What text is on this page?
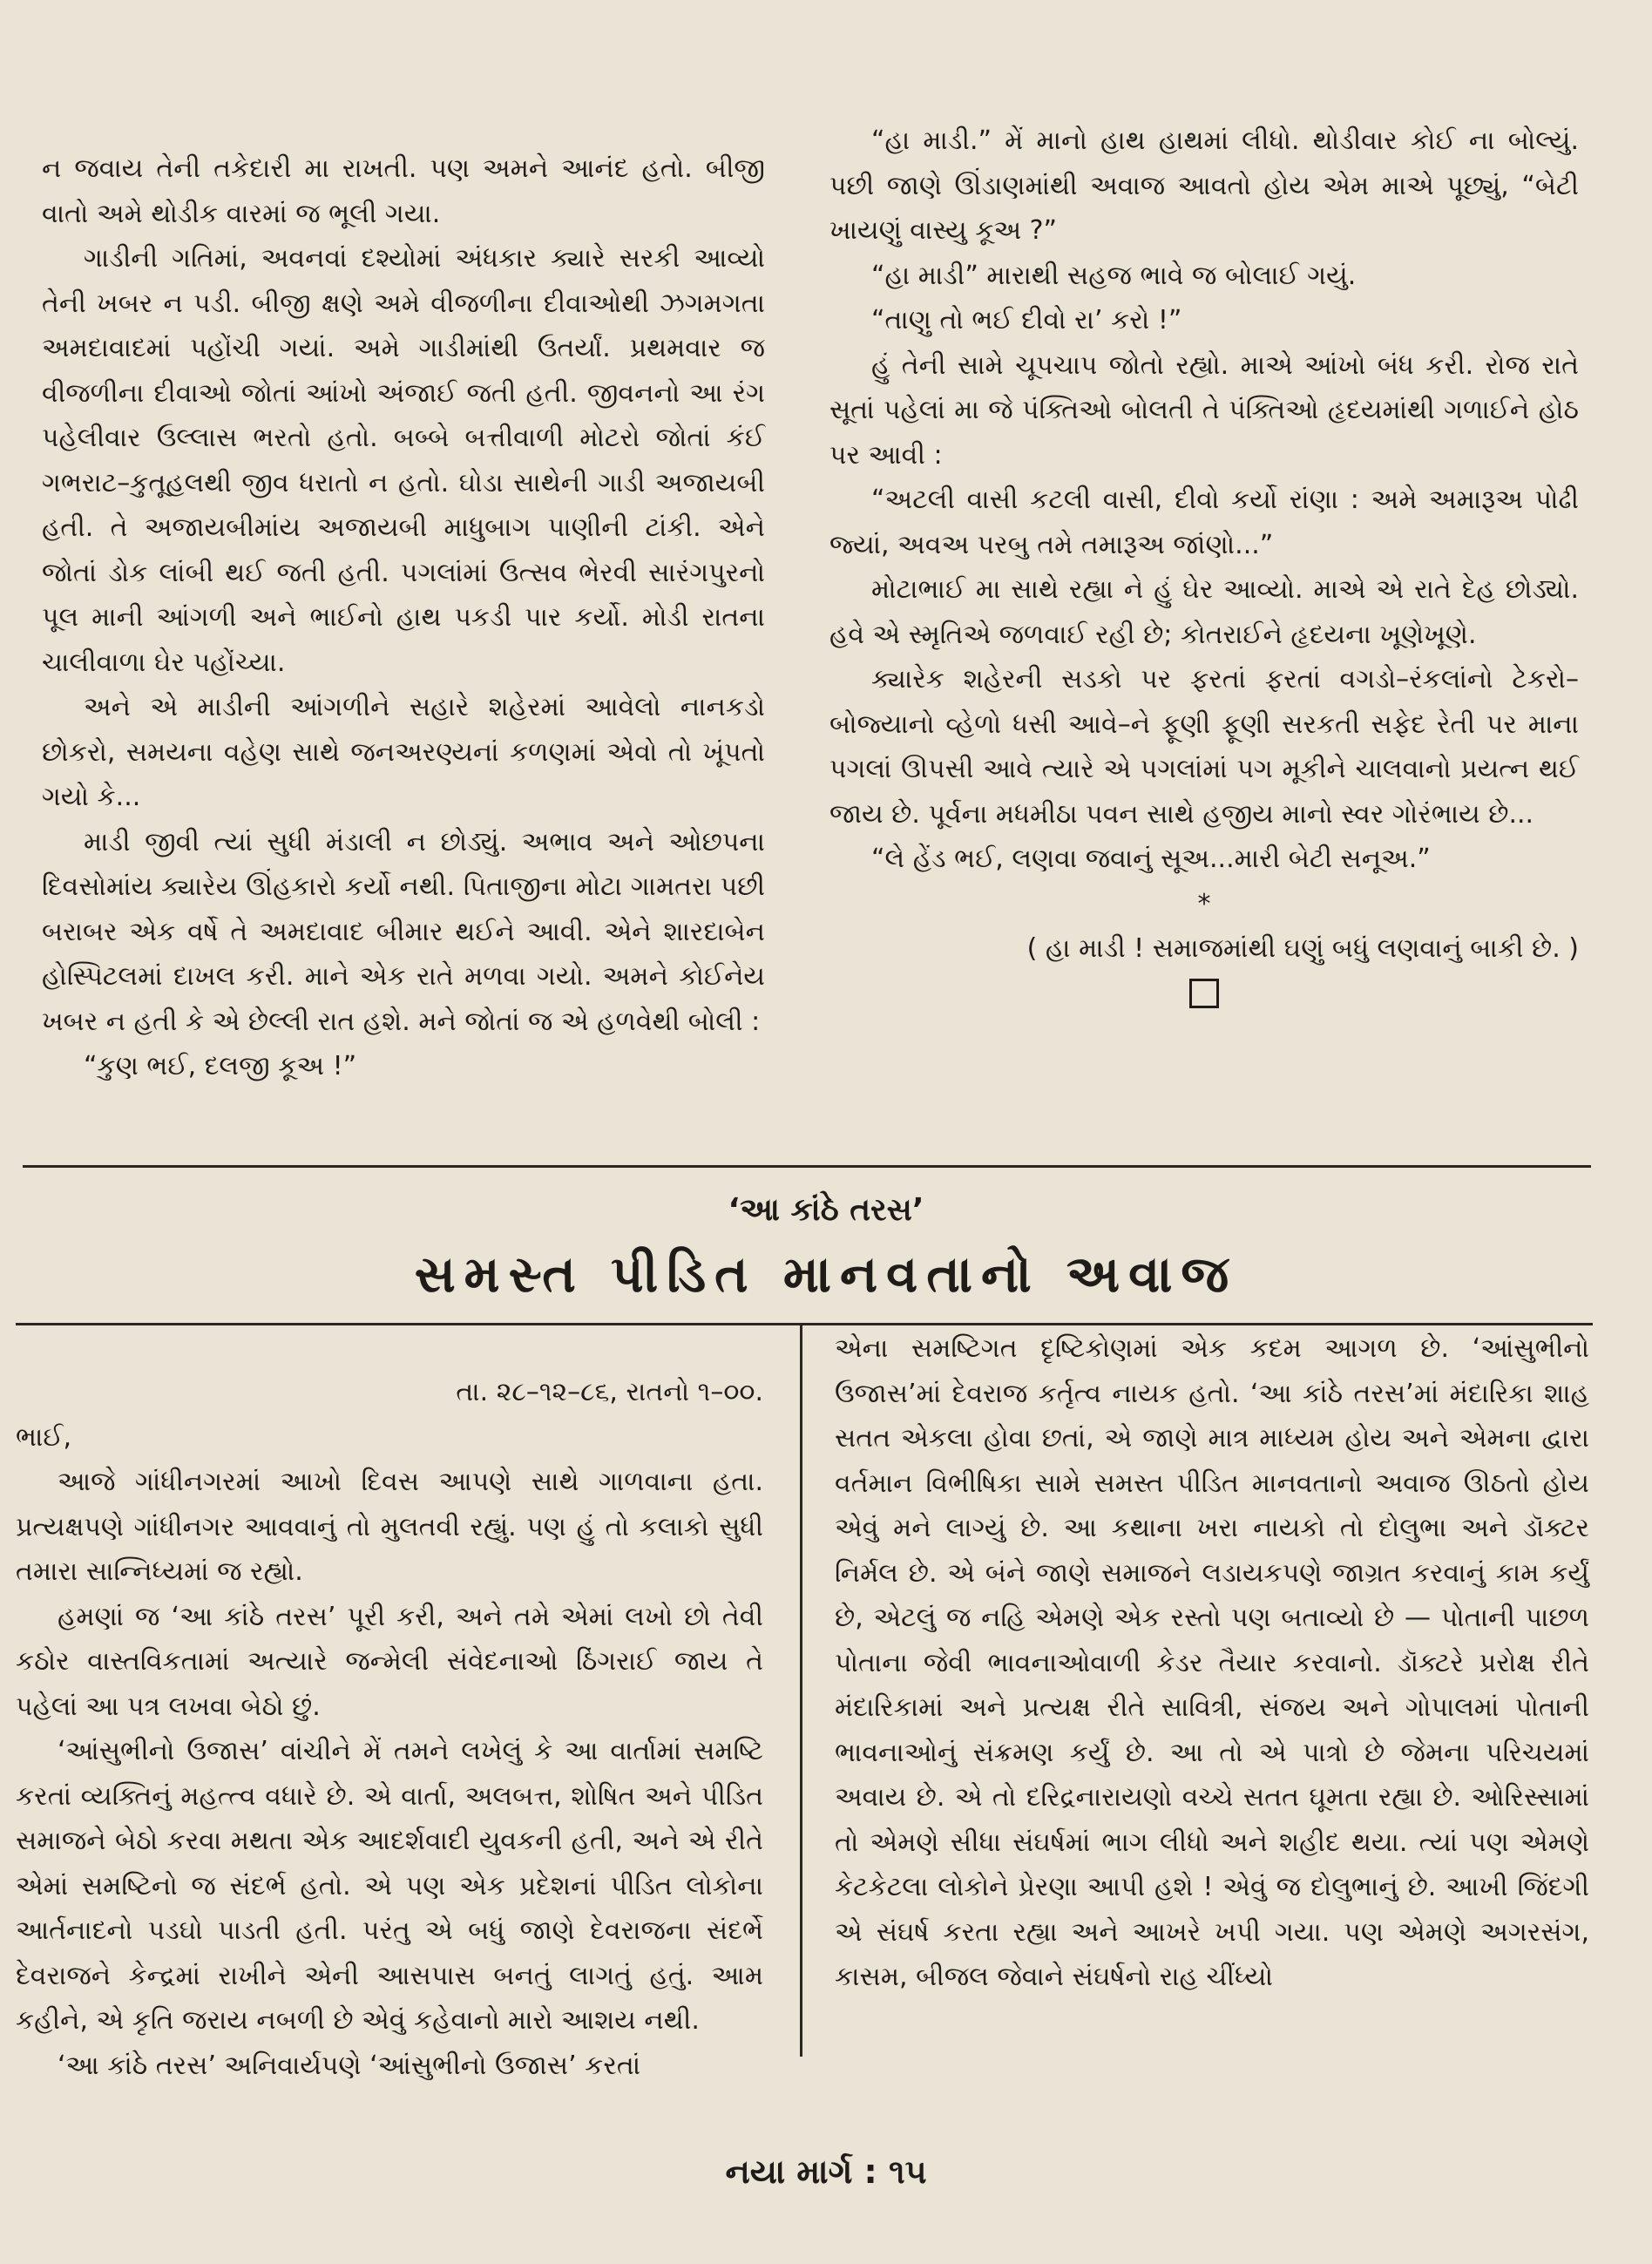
ન જવાય તેની તકેદારી મા રાખતી. પણ અમને આનંદ હતો. બીજી વાતો અમે થોડીક વારમાં જ ભૂલી ગયા.

ગાડીની ગતિમાં, અવનવાં દશ્યોમાં અંધકાર ક્યારે સરકી આવ્યો તેની ખબર ન પડી. બીજી ક્ષણે અમે વીજળીના દીવાઓથી ઝગમગતા અમદાવાદમાં પહોંચી ગયાં. અમે ગાડીમાંથી ઉતર્યાં. પ્રથમવાર જ વીજળીના દીવાઓ જોતાં આંખો અંજાઈ જતી હતી. જીવનનો આ રંગ પહેલીવાર ઉલ્લાસ ભરતો હતો. બબ્બે બત્તીવાળી મોટરો જોતાં કંઈ ગભરાટ–કુતૂહલથી જીવ ધરાતો ન હતો. ઘોડા સાથેની ગાડી અજાયબી હતી. તે અજાયબીમાંય અજાયબી માધુબાગ પાણીની ટાંકી. એને જોતાં ડોક લાંબી થઈ જતી હતી. પગલાંમાં ઉત્સવ ભેરવી સારંગપુરનો પૂલ માની આંગળી અને ભાઈનો હાથ પકડી પાર કર્યો. મોડી રાતના ચાલીવાળા ઘેર પહોંચ્યા.

અને એ માડીની આંગળીને સહારે શહેરમાં આવેલો નાનકડો છોકરો, સમયના વહેણ સાથે જનઅરણ્યનાં કળણમાં એવો તો ખૂંપતો ગયો કે...

માડી જીવી ત્યાં સુધી મંડાલી ન છોડ્યું. અભાવ અને ઓછપના દિવસોમાંય ક્યારેય ઊંહકારો કર્યો નથી. પિતાજીના મોટા ગામતરા પછી બરાબર એક વર્ષે તે અમદાવાદ બીમાર થઈને આવી. એને શારદાબેન હોસ્પિટલમાં દાખલ કરી. માને એક રાતે મળવા ગયો. અમને કોઈનેય ખબર ન હતી કે એ છેલ્લી રાત હશે. મને જોતાં જ એ હળવેથી બોલી :

“કુણ ભઈ, દલજી કૂઅ !”

“હા માડી.” મેં માનો હાથ હાથમાં લીધો. થોડીવાર કોઈ ના બોલ્યું. પછી જાણે ઊંડાણમાંથી અવાજ આવતો હોય એમ માએ પૂછ્યું, “બેટી ખાયણું વાસ્યુ કૂઅ ?”

“હા માડી” મારાથી સહજ ભાવે જ બોલાઈ ગયું.

“તાણુ તો ભઈ દીવો રા’ કરો !”

હું તેની સામે ચૂપચાપ જોતો રહ્યો. માએ આંખો બંધ કરી. રોજ રાતે સૂતાં પહેલાં મા જે પંક્તિઓ બોલતી તે પંક્તિઓ હૃદયમાંથી ગળાઈને હોઠ પર આવી :

“અટલી વાસી કટલી વાસી, દીવો કર્યો રાંણા : અમે અમારૂઅ પોઢી જ્યાં, અવઅ પરબુ તમે તમારૂઅ જાંણો...”

મોટાભાઈ મા સાથે રહ્યા ને હું ઘેર આવ્યો. માએ એ રાતે દેહ છોડ્યો. હવે એ સ્મૃતિએ જળવાઈ રહી છે; કોતરાઈને હૃદયના ખૂણેખૂણે.

ક્યારેક શહેરની સડકો પર ફરતાં ફરતાં વગડો–રંકલાંનો ટેકરો–બોજ્યાનો વ્હેળો ધસી આવે–ને ફૂણી ફૂણી સરકતી સફેદ રેતી પર માના પગલાં ઊપસી આવે ત્યારે એ પગલાંમાં પગ મૂકીને ચાલવાનો પ્રયત્ન થઈ જાય છે. પૂર્વના મધમીઠા પવન સાથે હજીય માનો સ્વર ગોરંભાય છે...

“લે હેંડ ભઈ, લણવા જવાનું સૂઅ...મારી બેટી સનૂઅ.”

*

( હા માડી ! સમાજમાંથી ઘણું બધું લણવાનું બાકી છે. )

‘આ કાંઠે તરસ’
સમસ્ત પીડિત માનવતાનો અવાજ

તા. ૨૮–૧૨–૮૬, રાતનો ૧–૦૦.

ભાઈ,

આજે ગાંધીનગરમાં આખો દિવસ આપણે સાથે ગાળવાના હતા. પ્રત્યક્ષપણે ગાંધીનગર આવવાનું તો મુલતવી રહ્યું. પણ હું તો કલાકો સુધી તમારા સાન્નિધ્યમાં જ રહ્યો.

હમણાં જ ‘આ કાંઠે તરસ’ પૂરી કરી, અને તમે એમાં લખો છો તેવી કઠોર વાસ્તવિકતામાં અત્યારે જન્મેલી સંવેદનાઓ ઠિંગરાઈ જાય તે પહેલાં આ પત્ર લખવા બેઠો છું.

‘આંસુભીનો ઉજાસ’ વાંચીને મેં તમને લખેલું કે આ વાર્તામાં સમષ્ટિ કરતાં વ્યક્તિનું મહત્ત્વ વધારે છે. એ વાર્તા, અલબત્ત, શોષિત અને પીડિત સમાજને બેઠો કરવા મથતા એક આદર્શવાદી યુવકની હતી, અને એ રીતે એમાં સમષ્ટિનો જ સંદર્ભ હતો. એ પણ એક પ્રદેશનાં પીડિત લોકોના આર્તનાદનો પડઘો પાડતી હતી. પરંતુ એ બધું જાણે દેવરાજના સંદર્ભે દેવરાજને કેન્દ્રમાં રાખીને એની આસપાસ બનતું લાગતું હતું. આમ કહીને, એ કૃતિ જરાય નબળી છે એવું કહેવાનો મારો આશય નથી.

‘આ કાંઠે તરસ’ અનિવાર્યપણે ‘આંસુભીનો ઉજાસ’ કરતાં

એના સમષ્ટિગત દૃષ્ટિકોણમાં એક કદમ આગળ છે. ‘આંસુભીનો ઉજાસ’માં દેવરાજ કર્તૃત્વ નાયક હતો. ‘આ કાંઠે તરસ’માં મંદારિકા શાહ સતત એકલા હોવા છતાં, એ જાણે માત્ર માધ્યમ હોય અને એમના દ્વારા વર્તમાન વિભીષિકા સામે સમસ્ત પીડિત માનવતાનો અવાજ ઊઠતો હોય એવું મને લાગ્યું છે. આ કથાના ખરા નાયકો તો દોલુભા અને ડૉક્ટર નિર્મલ છે. એ બંને જાણે સમાજને લડાયકપણે જાગ્રત કરવાનું કામ કર્યું છે, એટલું જ નહિ એમણે એક રસ્તો પણ બતાવ્યો છે — પોતાની પાછળ પોતાના જેવી ભાવનાઓવાળી કેડર તૈયાર કરવાનો. ડૉક્ટરે પ્રરોક્ષ રીતે મંદારિકામાં અને પ્રત્યક્ષ રીતે સાવિત્રી, સંજય અને ગોપાલમાં પોતાની ભાવનાઓનું સંક્રમણ કર્યું છે. આ તો એ પાત્રો છે જેમના પરિચયમાં અવાય છે. એ તો દરિદ્રનારાયણો વચ્ચે સતત ઘૂમતા રહ્યા છે. ઓરિસ્સામાં તો એમણે સીધા સંઘર્ષમાં ભાગ લીધો અને શહીદ થયા. ત્યાં પણ એમણે કેટકેટલા લોકોને પ્રેરણા આપી હશે ! એવું જ દોલુભાનું છે. આખી જિંદગી એ સંઘર્ષ કરતા રહ્યા અને આખરે ખપી ગયા. પણ એમણે અગરસંગ, કાસમ, બીજલ જેવાને સંઘર્ષનો રાહ ચીંધ્યો

નયા માર્ગ : ૧૫
